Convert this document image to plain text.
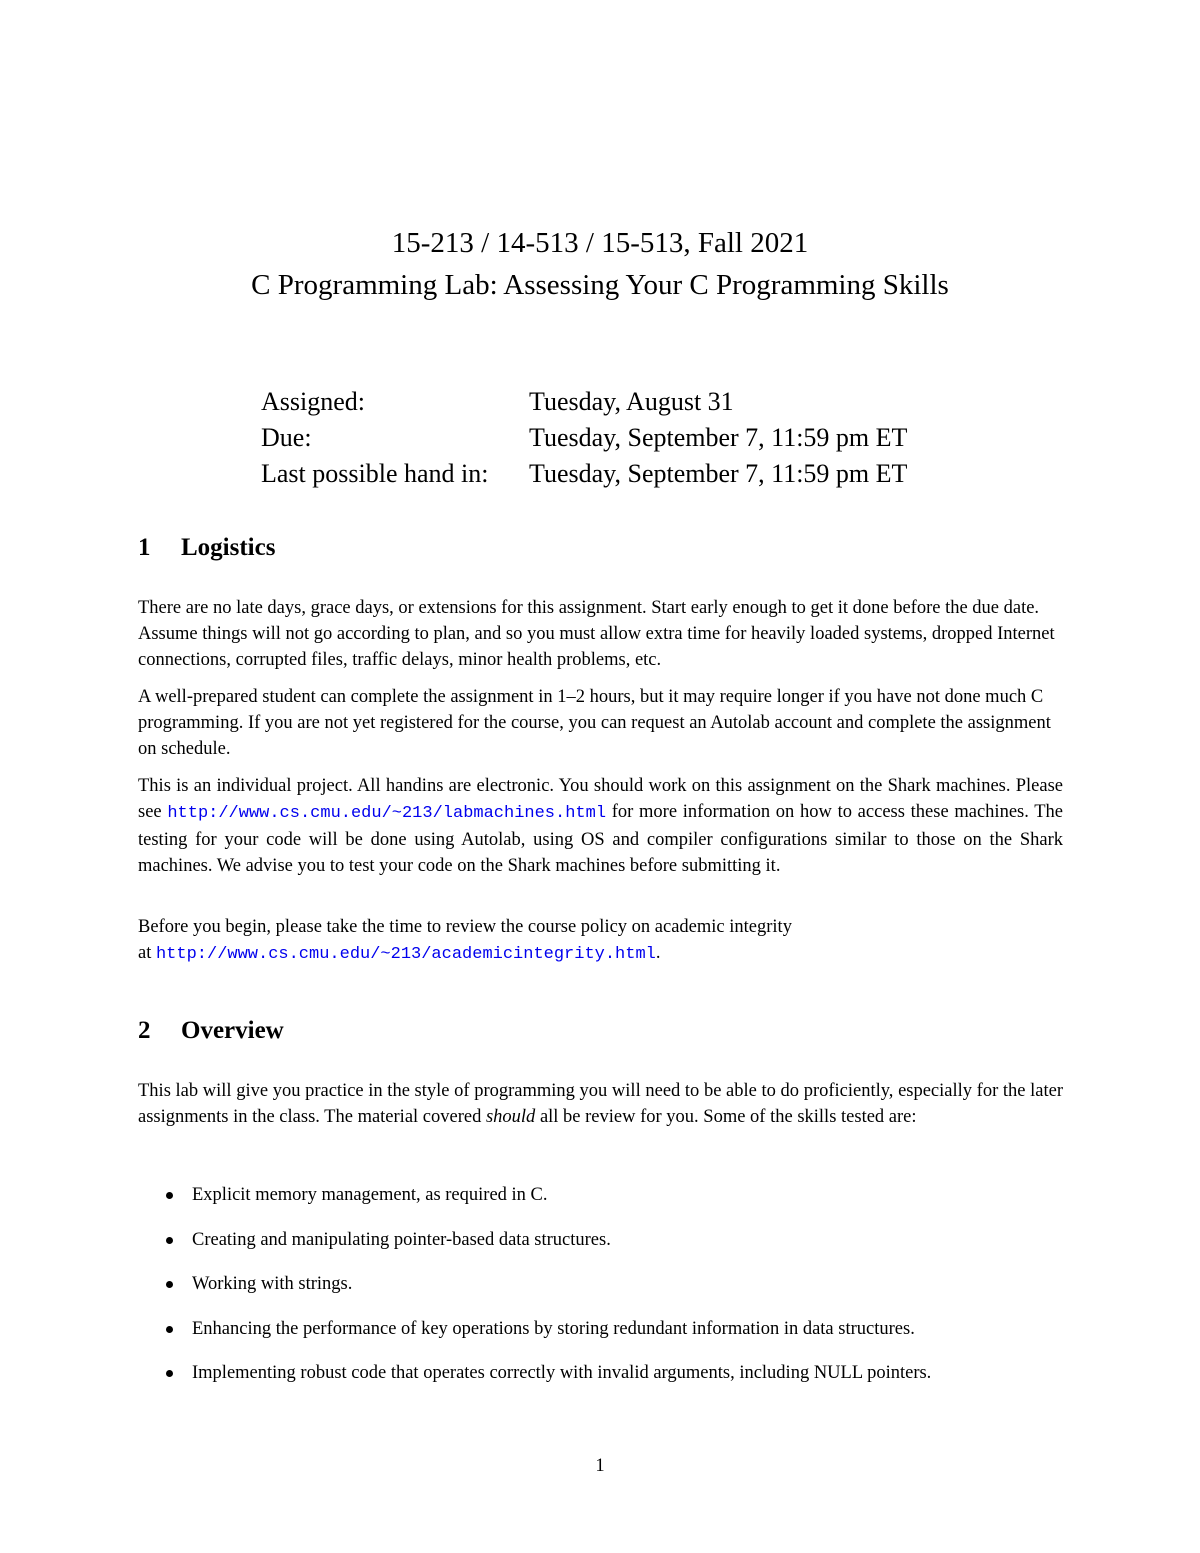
15-213 / 14-513 / 15-513, Fall 2021
C Programming Lab: Assessing Your C Programming Skills
Assigned:	Tuesday, August 31
Due:	Tuesday, September 7, 11:59 pm ET
Last possible hand in:	Tuesday, September 7, 11:59 pm ET
1 Logistics

There are no late days, grace days, or extensions for this assignment. Start early enough to get it done before the due date. Assume things will not go according to plan, and so you must allow extra time for heavily loaded systems, dropped Internet connections, corrupted files, traffic delays, minor health problems, etc.

A well-prepared student can complete the assignment in 1–2 hours, but it may require longer if you have not done much C programming. If you are not yet registered for the course, you can request an Autolab account and complete the assignment on schedule.

This is an individual project. All handins are electronic. You should work on this assignment on the Shark machines. Please see http://www.cs.cmu.edu/~213/labmachines.html for more information on how to access these machines. The testing for your code will be done using Autolab, using OS and compiler configurations similar to those on the Shark machines. We advise you to test your code on the Shark machines before submitting it.

Before you begin, please take the time to review the course policy on academic integrity
at http://www.cs.cmu.edu/~213/academicintegrity.html.

2 Overview

This lab will give you practice in the style of programming you will need to be able to do proficiently, especially for the later assignments in the class. The material covered should all be review for you. Some of the skills tested are:

Explicit memory management, as required in C.
Creating and manipulating pointer-based data structures.
Working with strings.
Enhancing the performance of key operations by storing redundant information in data structures.
Implementing robust code that operates correctly with invalid arguments, including NULL pointers.
1
